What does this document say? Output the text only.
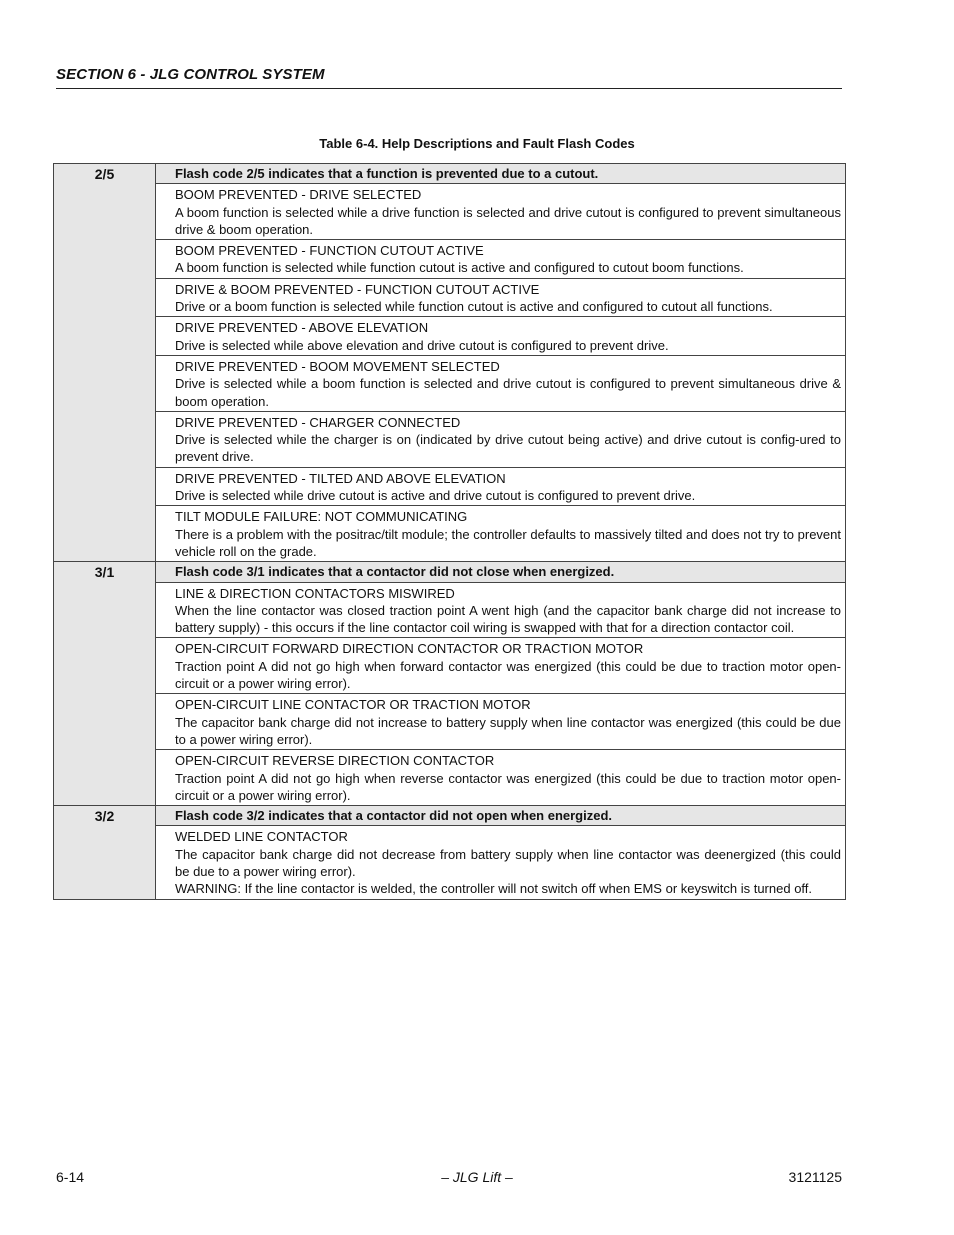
SECTION 6 - JLG CONTROL SYSTEM
Table 6-4. Help Descriptions and Fault Flash Codes
2/5	Flash code 2/5 indicates that a function is prevented due to a cutout.

	BOOM PREVENTED - DRIVE SELECTED
A boom function is selected while a drive function is selected and drive cutout is configured to prevent simultaneous drive & boom operation.

	BOOM PREVENTED - FUNCTION CUTOUT ACTIVE
A boom function is selected while function cutout is active and configured to cutout boom functions.

	DRIVE & BOOM PREVENTED - FUNCTION CUTOUT ACTIVE
Drive or a boom function is selected while function cutout is active and configured to cutout all functions.

	DRIVE PREVENTED - ABOVE ELEVATION
Drive is selected while above elevation and drive cutout is configured to prevent drive.

	DRIVE PREVENTED - BOOM MOVEMENT SELECTED
Drive is selected while a boom function is selected and drive cutout is configured to prevent simultaneous drive & boom operation.

	DRIVE PREVENTED - CHARGER CONNECTED
Drive is selected while the charger is on (indicated by drive cutout being active) and drive cutout is config-ured to prevent drive.

	DRIVE PREVENTED - TILTED AND ABOVE ELEVATION
Drive is selected while drive cutout is active and drive cutout is configured to prevent drive.

	TILT MODULE FAILURE: NOT COMMUNICATING
There is a problem with the positrac/tilt module; the controller defaults to massively tilted and does not try to prevent vehicle roll on the grade.

3/1	Flash code 3/1 indicates that a contactor did not close when energized.

	LINE & DIRECTION CONTACTORS MISWIRED
When the line contactor was closed traction point A went high (and the capacitor bank charge did not increase to battery supply) - this occurs if the line contactor coil wiring is swapped with that for a direction contactor coil.

	OPEN-CIRCUIT FORWARD DIRECTION CONTACTOR OR TRACTION MOTOR
Traction point A did not go high when forward contactor was energized (this could be due to traction motor open-circuit or a power wiring error).

	OPEN-CIRCUIT LINE CONTACTOR OR TRACTION MOTOR
The capacitor bank charge did not increase to battery supply when line contactor was energized (this could be due to a power wiring error).

	OPEN-CIRCUIT REVERSE DIRECTION CONTACTOR
Traction point A did not go high when reverse contactor was energized (this could be due to traction motor open-circuit or a power wiring error).

3/2	Flash code 3/2 indicates that a contactor did not open when energized.

	WELDED LINE CONTACTOR
The capacitor bank charge did not decrease from battery supply when line contactor was deenergized (this could be due to a power wiring error).
WARNING: If the line contactor is welded, the controller will not switch off when EMS or keyswitch is turned off.
6-14	– JLG Lift –	3121125
